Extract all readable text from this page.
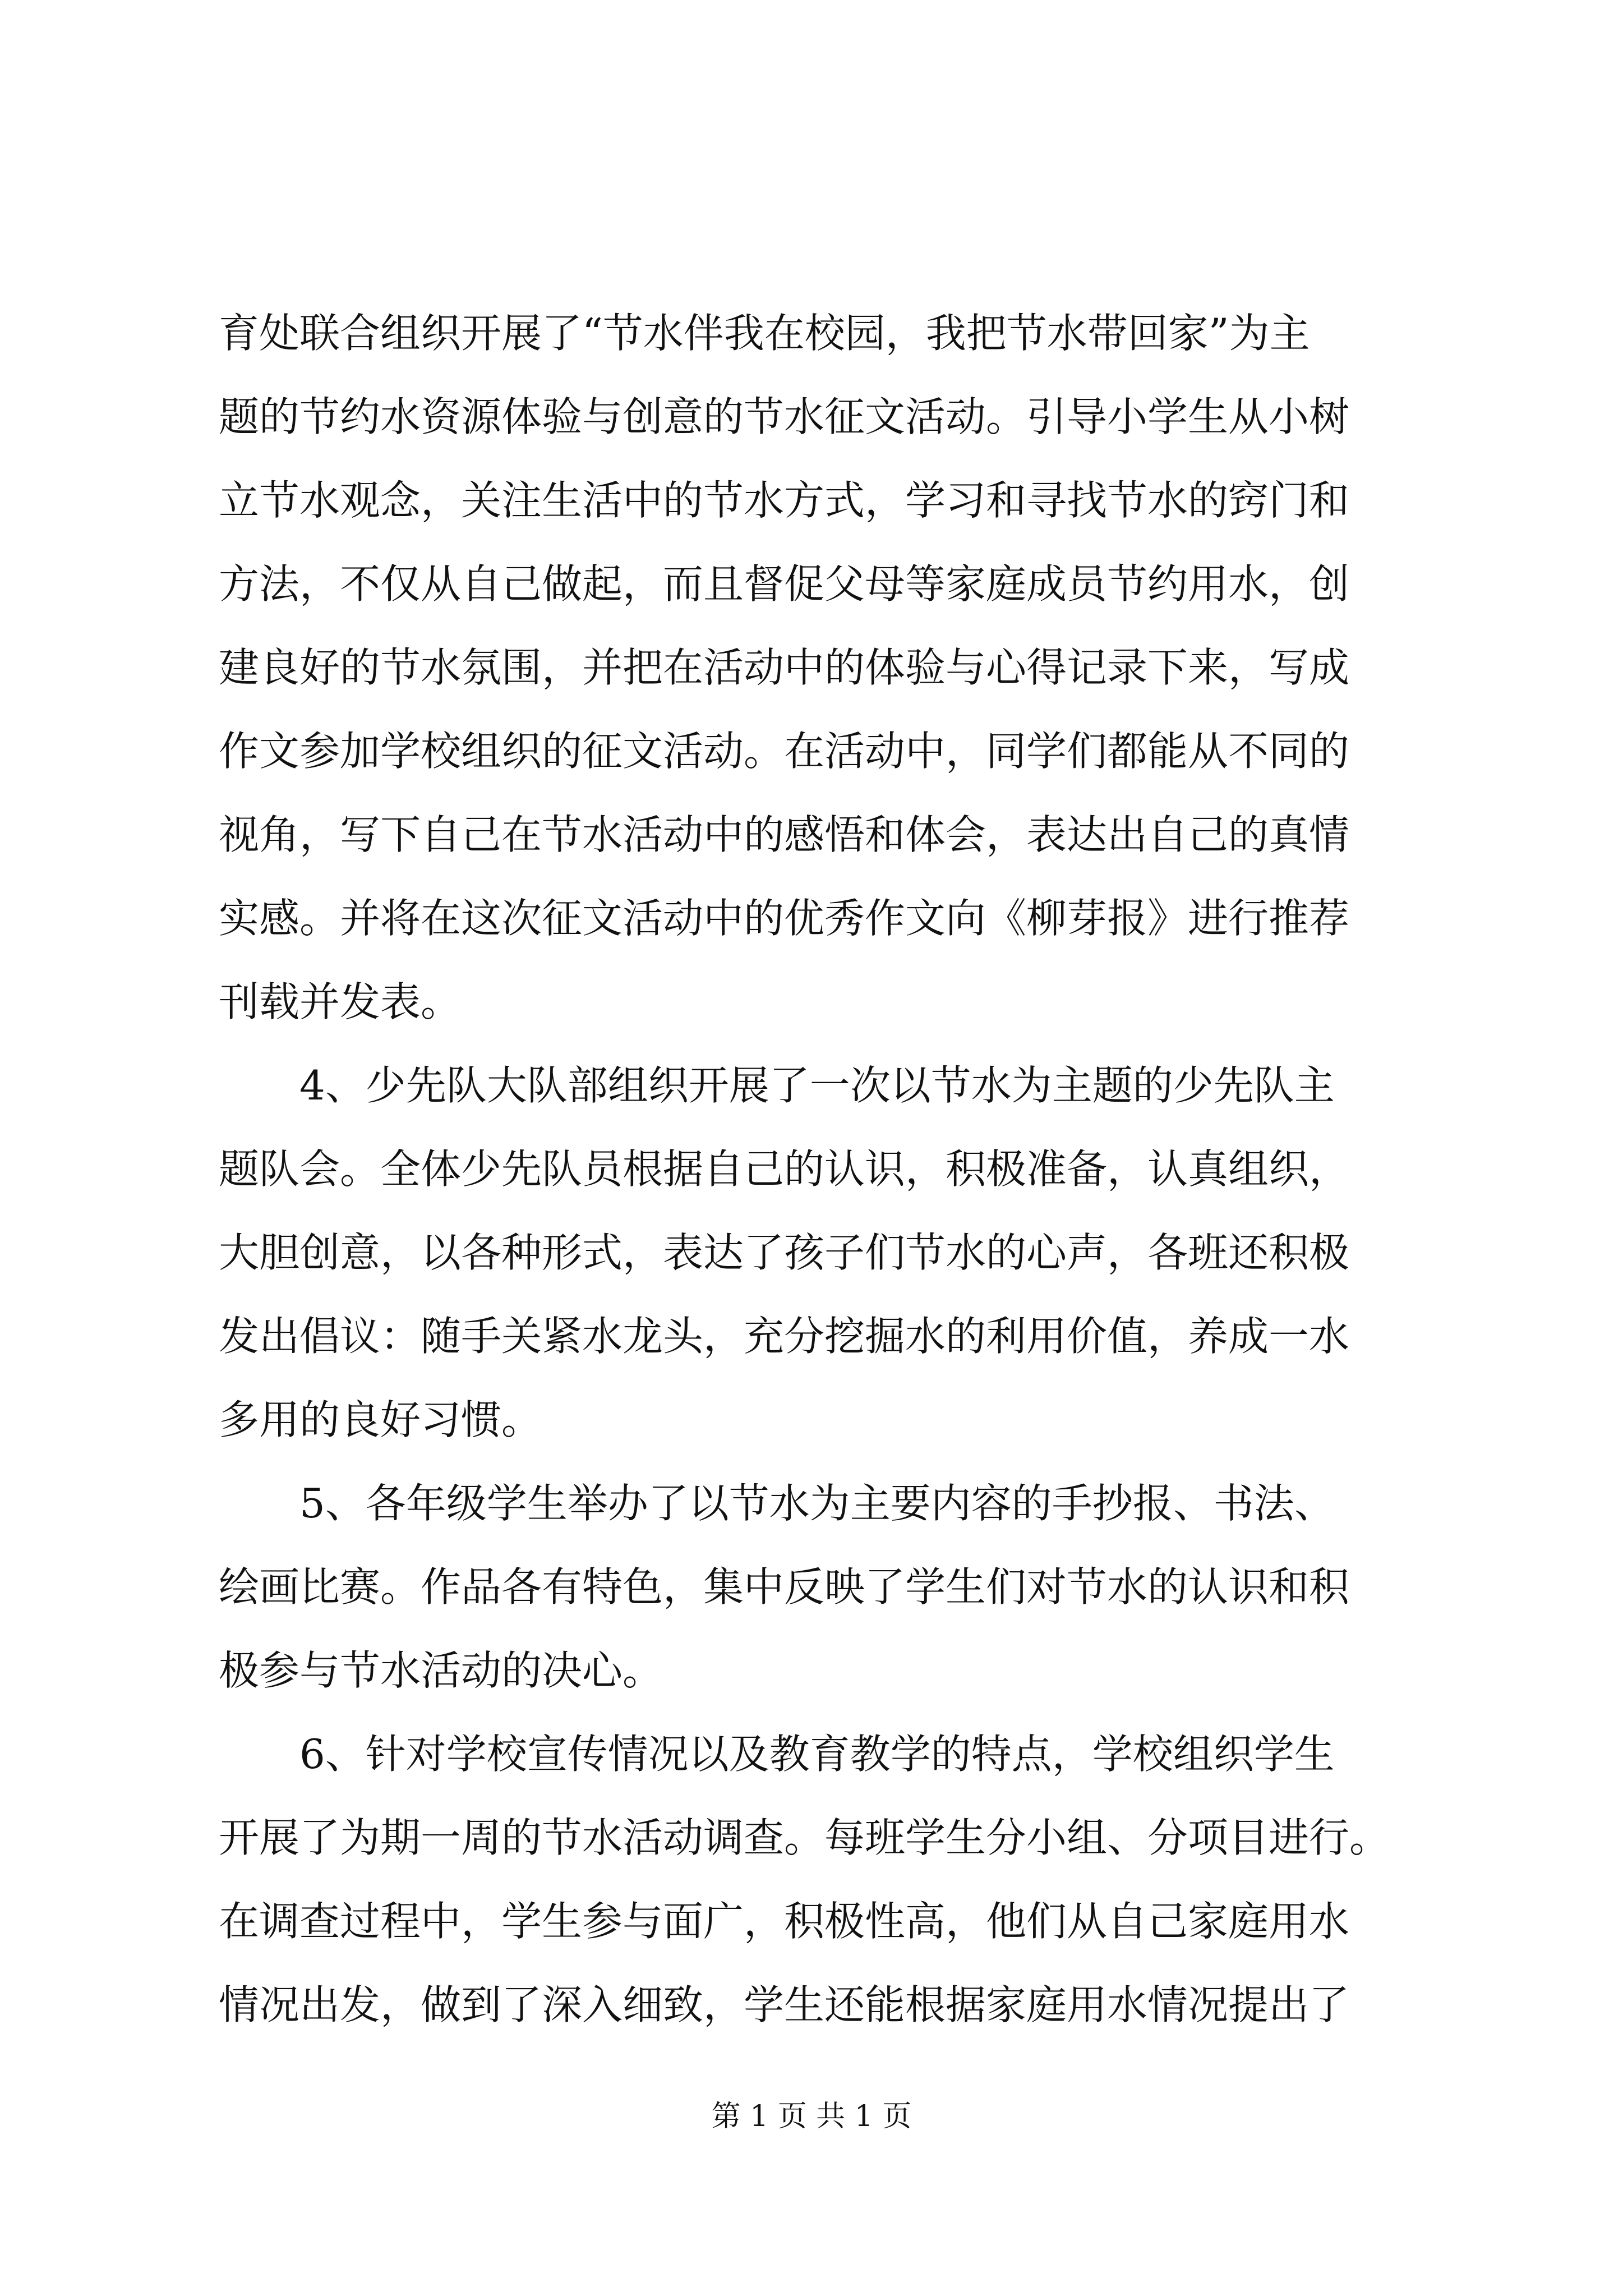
育处联合组织开展了“节水伴我在校园，我把节水带回家”为主
题的节约水资源体验与创意的节水征文活动。引导小学生从小树
立节水观念，关注生活中的节水方式，学习和寻找节水的窍门和
方法，不仅从自己做起，而且督促父母等家庭成员节约用水，创
建良好的节水氛围，并把在活动中的体验与心得记录下来，写成
作文参加学校组织的征文活动。在活动中，同学们都能从不同的
视角，写下自己在节水活动中的感悟和体会，表达出自己的真情
实感。并将在这次征文活动中的优秀作文向《柳芽报》进行推荐
刊载并发表。
4、少先队大队部组织开展了一次以节水为主题的少先队主
题队会。全体少先队员根据自己的认识，积极准备，认真组织，
大胆创意，以各种形式，表达了孩子们节水的心声，各班还积极
发出倡议：随手关紧水龙头，充分挖掘水的利用价值，养成一水
多用的良好习惯。
5、各年级学生举办了以节水为主要内容的手抄报、书法、
绘画比赛。作品各有特色，集中反映了学生们对节水的认识和积
极参与节水活动的决心。
6、针对学校宣传情况以及教育教学的特点，学校组织学生
开展了为期一周的节水活动调查。每班学生分小组、分项目进行。
在调查过程中，学生参与面广，积极性高，他们从自己家庭用水
情况出发，做到了深入细致，学生还能根据家庭用水情况提出了
第 1 页 共 1 页
